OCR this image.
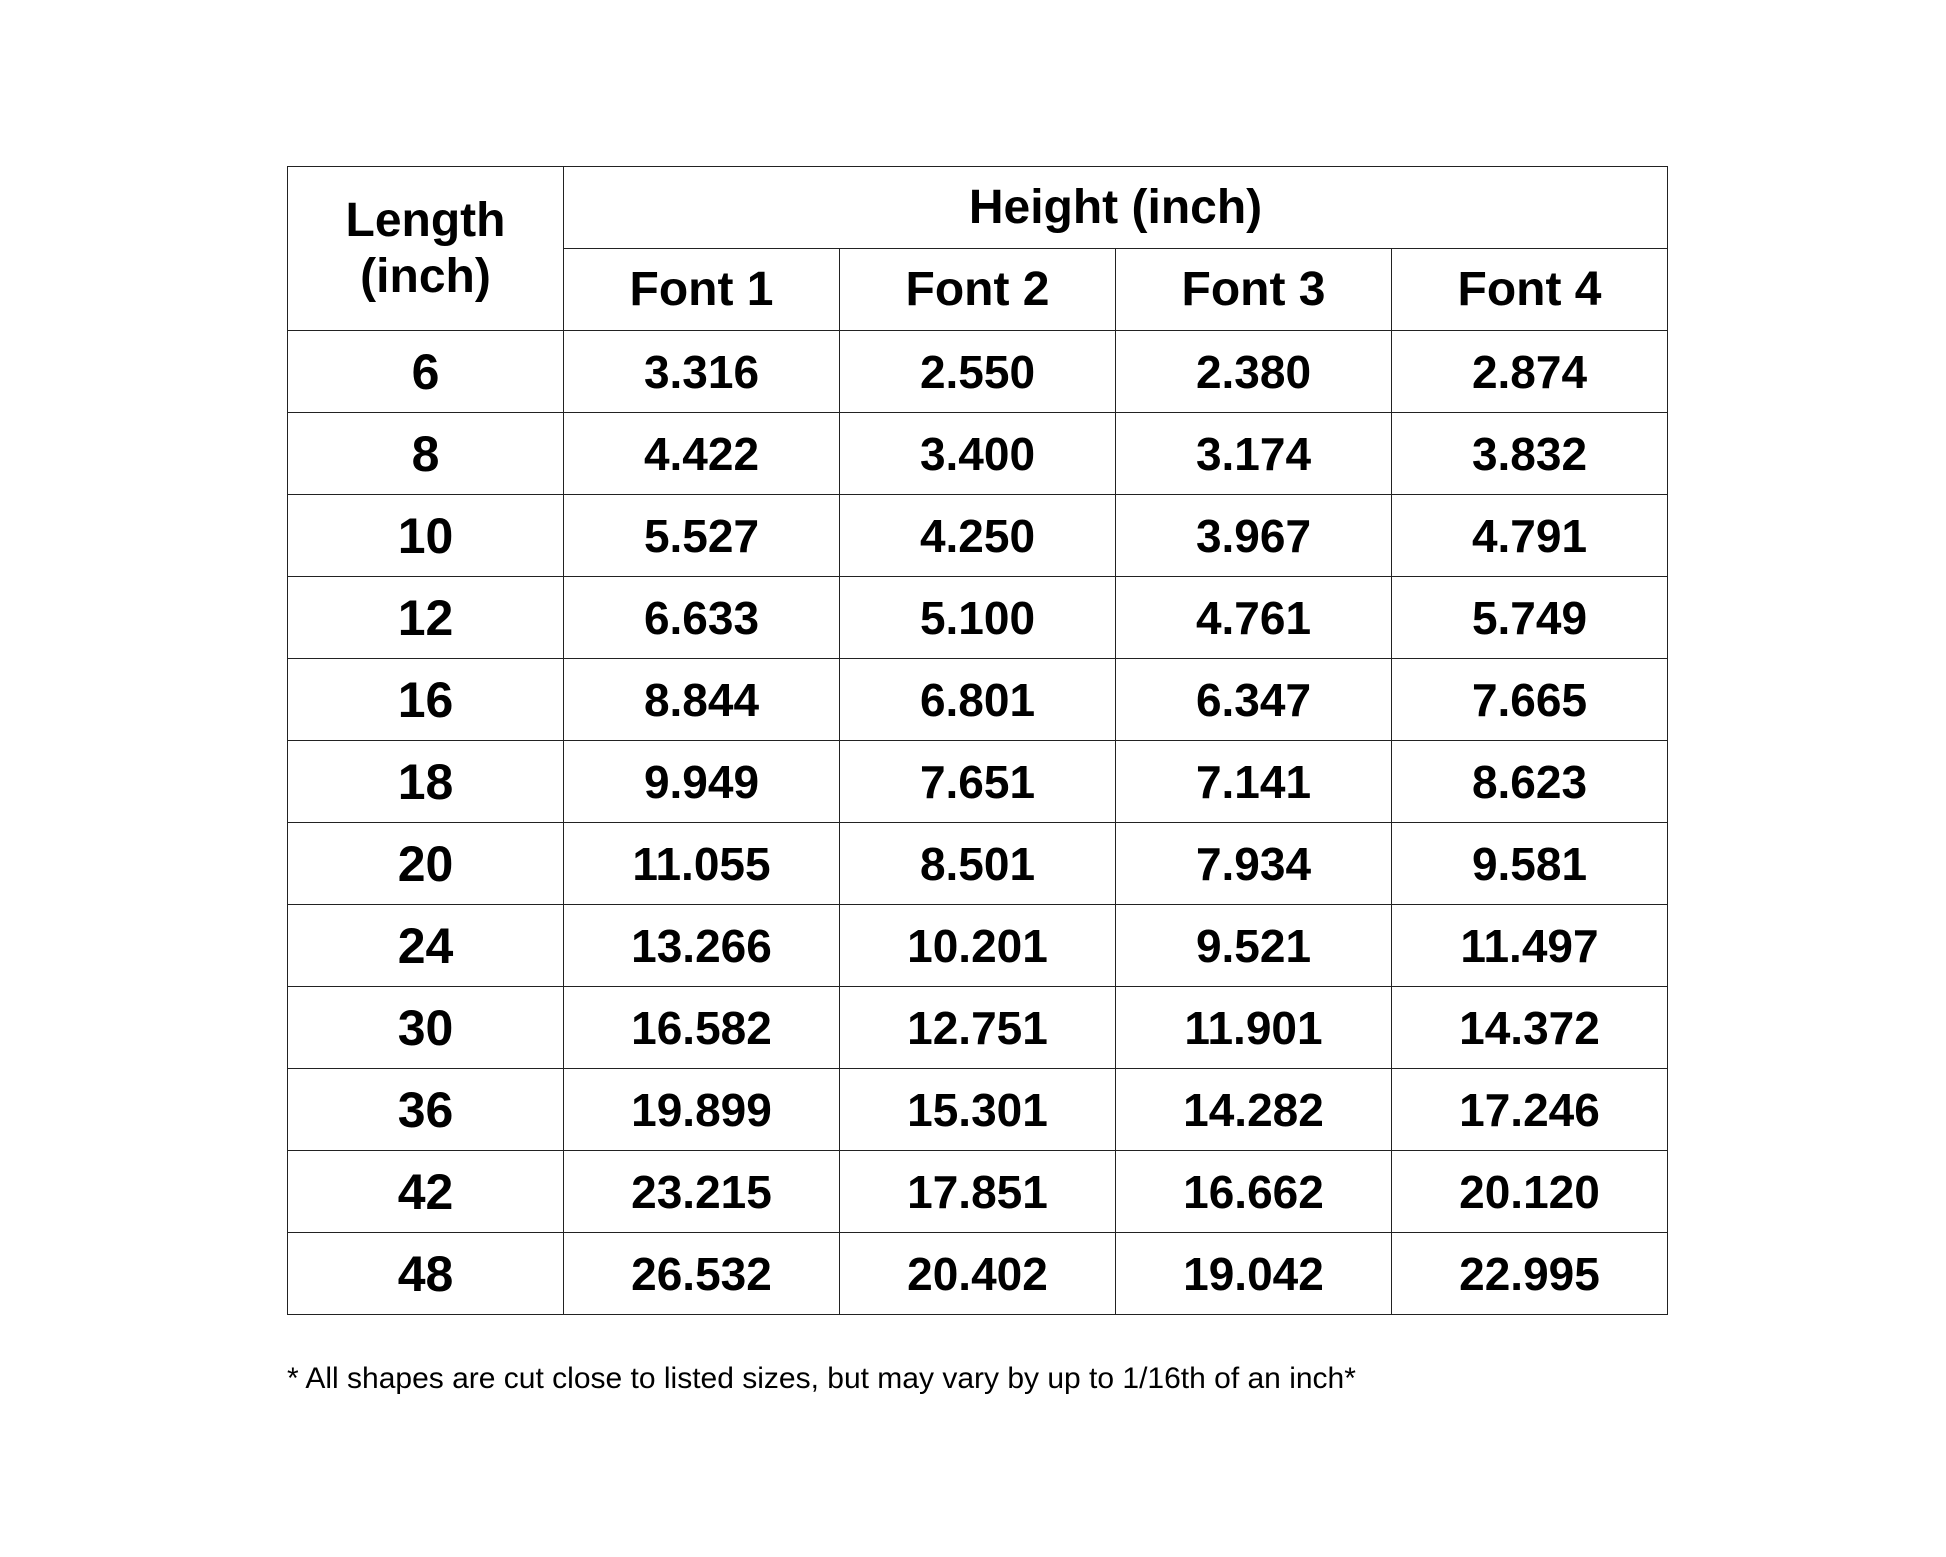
Length
(inch)	Height (inch)			
	Font 1	Font 2	Font 3	Font 4
6	3.316	2.550	2.380	2.874
8	4.422	3.400	3.174	3.832
10	5.527	4.250	3.967	4.791
12	6.633	5.100	4.761	5.749
16	8.844	6.801	6.347	7.665
18	9.949	7.651	7.141	8.623
20	11.055	8.501	7.934	9.581
24	13.266	10.201	9.521	11.497
30	16.582	12.751	11.901	14.372
36	19.899	15.301	14.282	17.246
42	23.215	17.851	16.662	20.120
48	26.532	20.402	19.042	22.995
* All shapes are cut close to listed sizes, but may vary by up to 1/16th of an inch*
